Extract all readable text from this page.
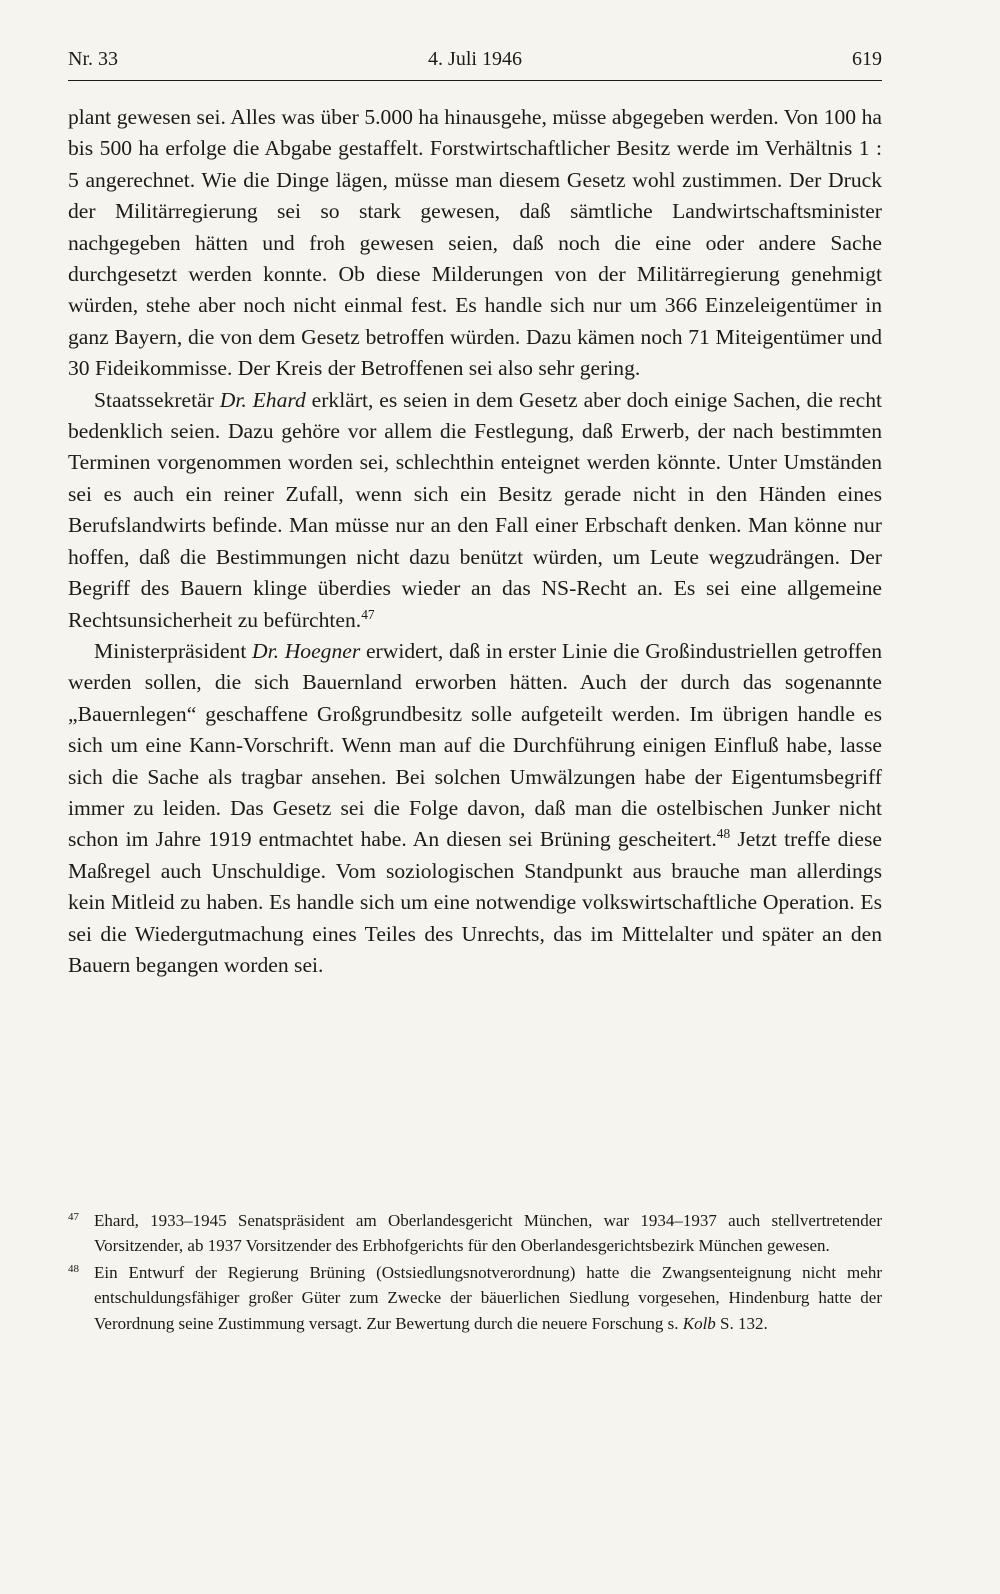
Nr. 33	4. Juli 1946	619

plant gewesen sei. Alles was über 5.000 ha hinausgehe, müsse abgegeben werden. Von 100 ha bis 500 ha erfolge die Abgabe gestaffelt. Forstwirtschaftlicher Besitz werde im Verhältnis 1 : 5 angerechnet. Wie die Dinge lägen, müsse man diesem Gesetz wohl zustimmen. Der Druck der Militärregierung sei so stark gewesen, daß sämtliche Landwirtschaftsminister nachgegeben hätten und froh gewesen seien, daß noch die eine oder andere Sache durchgesetzt werden konnte. Ob diese Milderungen von der Militärregierung genehmigt würden, stehe aber noch nicht einmal fest. Es handle sich nur um 366 Einzeleigentümer in ganz Bayern, die von dem Gesetz betroffen würden. Dazu kämen noch 71 Miteigentümer und 30 Fideikommisse. Der Kreis der Betroffenen sei also sehr gering.

Staatssekretär Dr. Ehard erklärt, es seien in dem Gesetz aber doch einige Sachen, die recht bedenklich seien. Dazu gehöre vor allem die Festlegung, daß Erwerb, der nach bestimmten Terminen vorgenommen worden sei, schlechthin enteignet werden könnte. Unter Umständen sei es auch ein reiner Zufall, wenn sich ein Besitz gerade nicht in den Händen eines Berufslandwirts befinde. Man müsse nur an den Fall einer Erbschaft denken. Man könne nur hoffen, daß die Bestimmungen nicht dazu benützt würden, um Leute wegzudrängen. Der Begriff des Bauern klinge überdies wieder an das NS-Recht an. Es sei eine allgemeine Rechtsunsicherheit zu befürchten.$^{47}$

Ministerpräsident Dr. Hoegner erwidert, daß in erster Linie die Großindustriellen getroffen werden sollen, die sich Bauernland erworben hätten. Auch der durch das sogenannte „Bauernlegen“ geschaffene Großgrundbesitz solle aufgeteilt werden. Im übrigen handle es sich um eine Kann-Vorschrift. Wenn man auf die Durchführung einigen Einfluß habe, lasse sich die Sache als tragbar ansehen. Bei solchen Umwälzungen habe der Eigentumsbegriff immer zu leiden. Das Gesetz sei die Folge davon, daß man die ostelbischen Junker nicht schon im Jahre 1919 entmachtet habe. An diesen sei Brüning gescheitert.$^{48}$ Jetzt treffe diese Maßregel auch Unschuldige. Vom soziologischen Standpunkt aus brauche man allerdings kein Mitleid zu haben. Es handle sich um eine notwendige volkswirtschaftliche Operation. Es sei die Wiedergutmachung eines Teiles des Unrechts, das im Mittelalter und später an den Bauern begangen worden sei.

47 Ehard, 1933–1945 Senatspräsident am Oberlandesgericht München, war 1934–1937 auch stellvertretender Vorsitzender, ab 1937 Vorsitzender des Erbhofgerichts für den Oberlandesgerichtsbezirk München gewesen.
48 Ein Entwurf der Regierung Brüning (Ostsiedlungsnotverordnung) hatte die Zwangsenteignung nicht mehr entschuldungsfähiger großer Güter zum Zwecke der bäuerlichen Siedlung vorgesehen, Hindenburg hatte der Verordnung seine Zustimmung versagt. Zur Bewertung durch die neuere Forschung s. Kolb S. 132.
